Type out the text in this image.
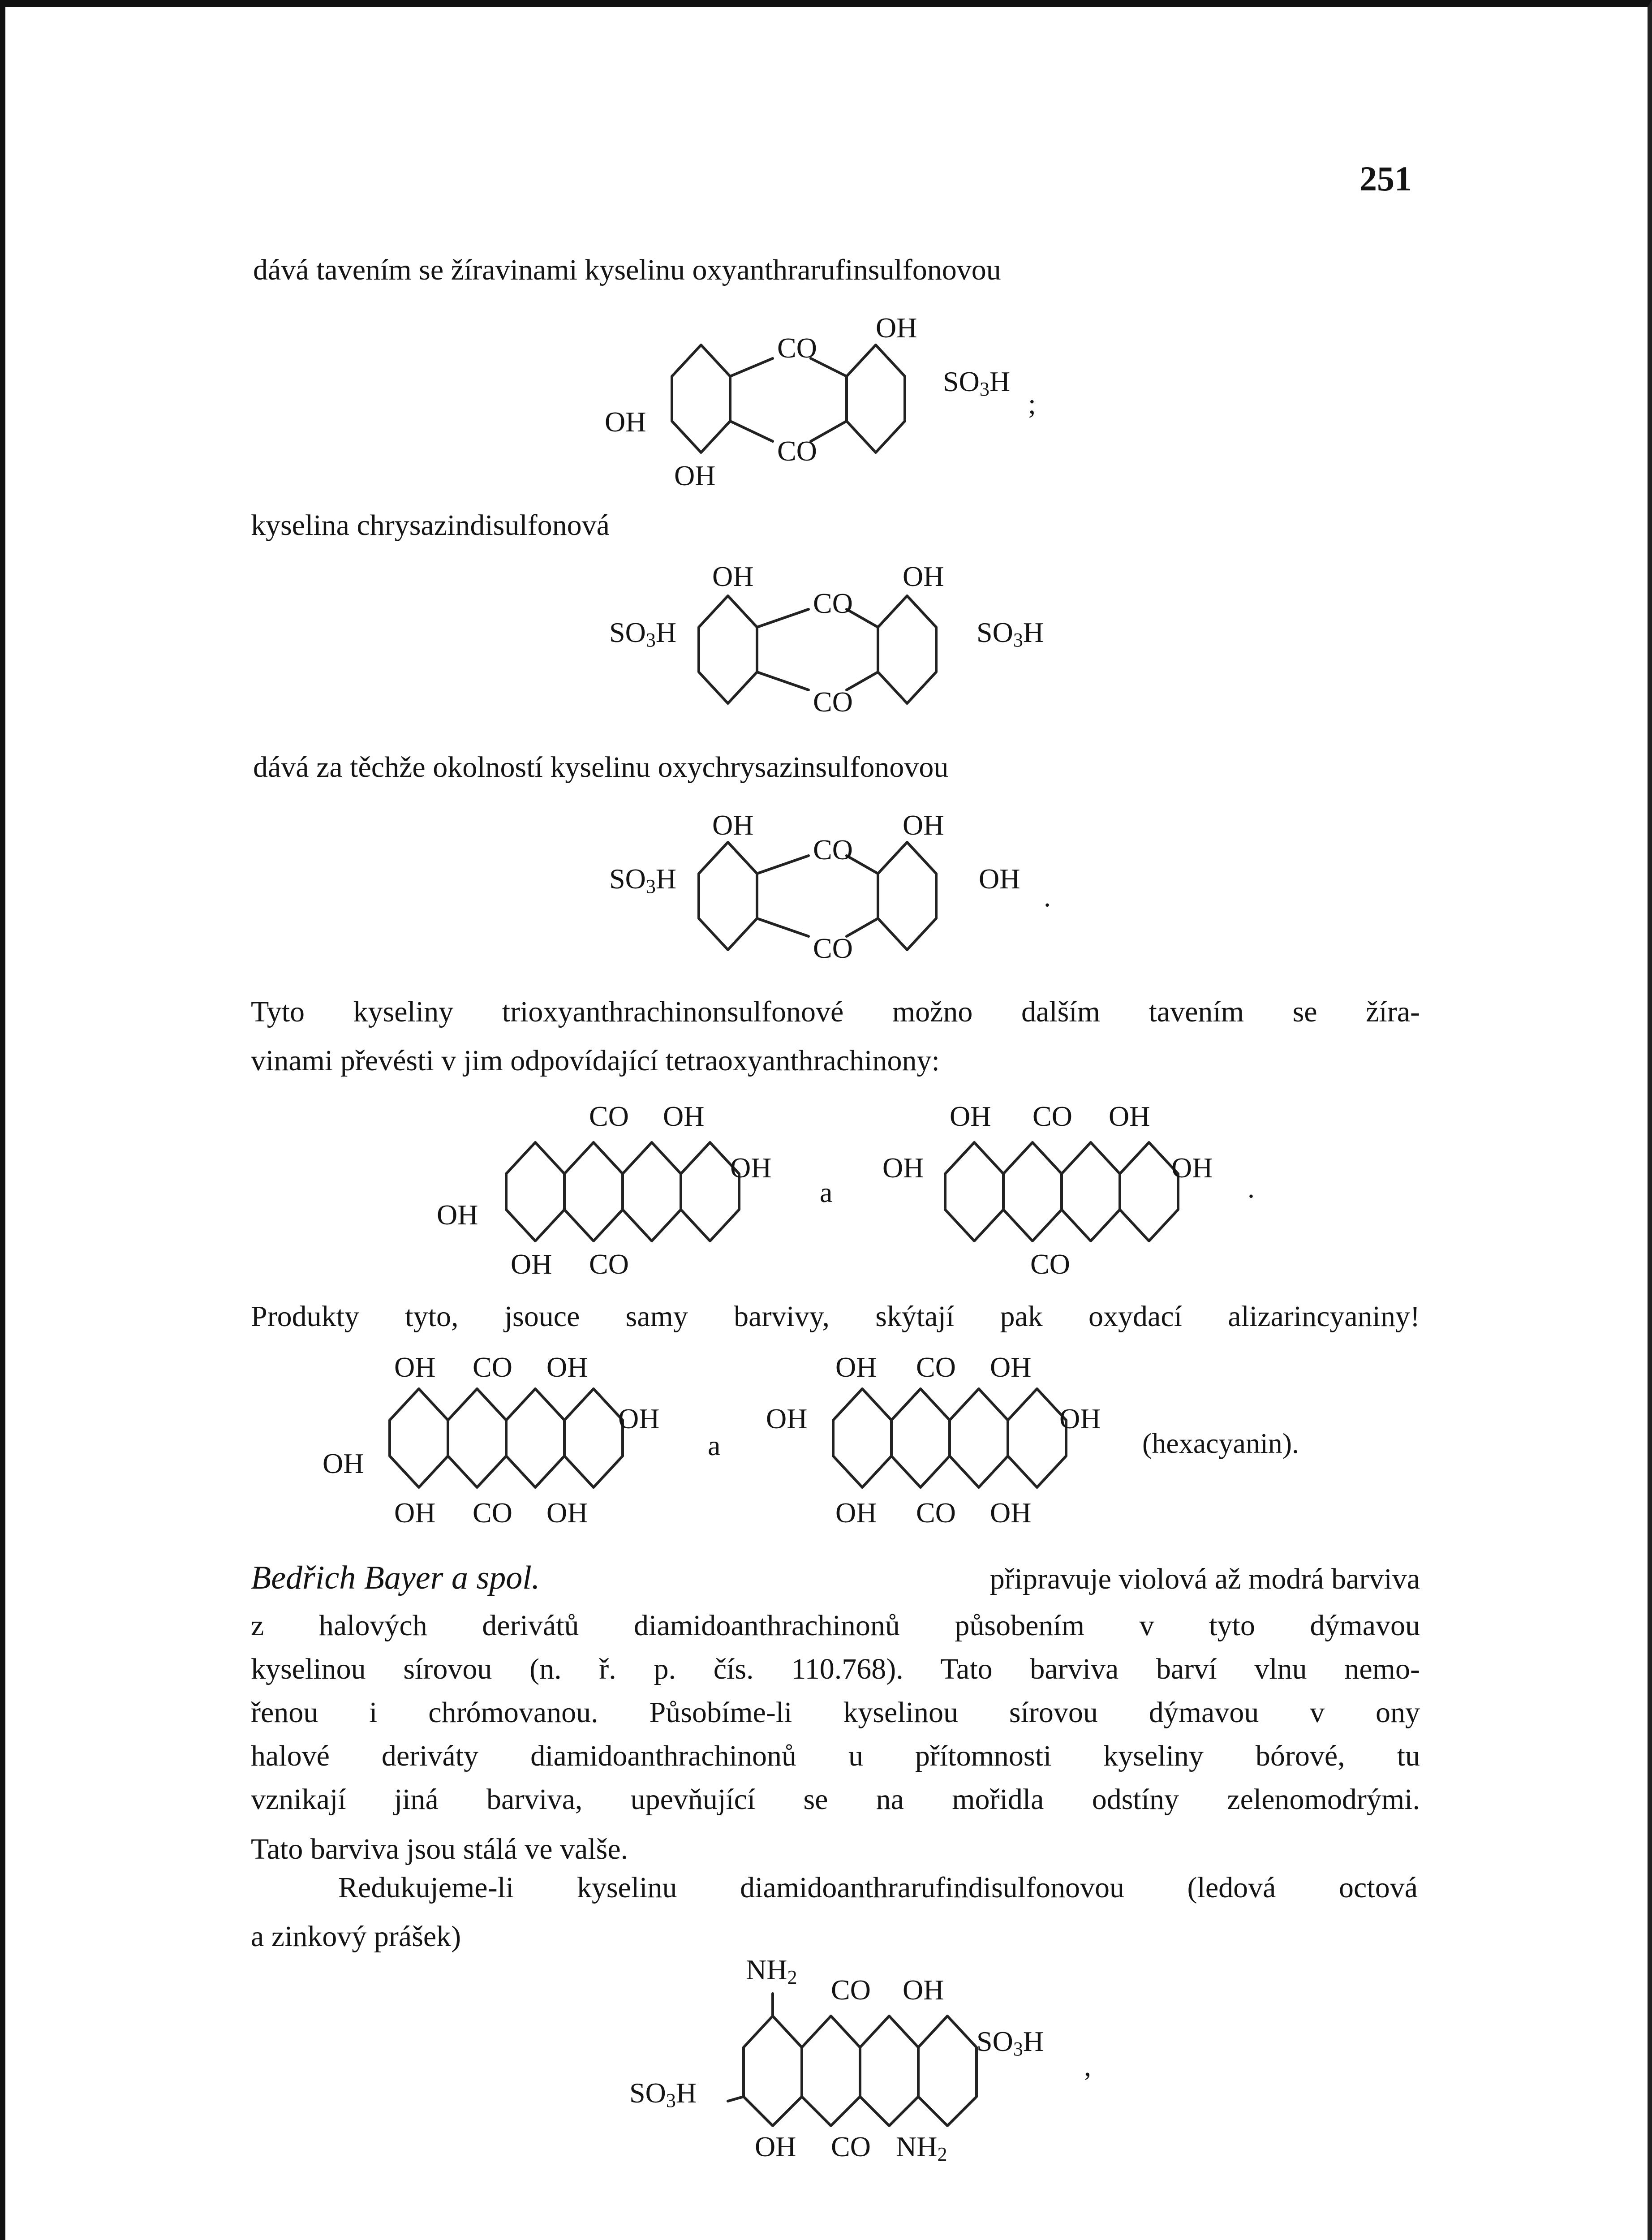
251
dává tavením se žíravinami kyselinu oxyanthrarufinsulfonovou
kyselina chrysazindisulfonová
dává za těchže okolností kyselinu oxychrysazinsulfonovou
Tyto kyseliny trioxyanthrachinonsulfonové možno dalším tavením se žíra-
vinami převésti v jim odpovídající tetraoxyanthrachinony:
Produkty tyto, jsouce samy barvivy, skýtají pak oxydací alizarincyaniny!
Bedřich Bayer a spol.	připravuje violová až modrá barviva
z halových derivátů diamidoanthrachinonů působením v tyto dýmavou
kyselinou sírovou (n. ř. p. čís. 110.768). Tato barviva barví vlnu nemo-
řenou i chrómovanou. Působíme-li kyselinou sírovou dýmavou v ony
halové deriváty diamidoanthrachinonů u přítomnosti kyseliny bórové, tu
vznikají jiná barviva, upevňující se na mořidla odstíny zelenomodrými.
Tato barviva jsou stálá ve valše.
Redukujeme-li kyselinu diamidoanthrarufindisulfonovou (ledová octová
a zinkový prášek)
CO
CO
OH
OH
OH
$SO_3H$
;
OH	OH
CO
CO
$SO_3H$	$SO_3H$
OH	OH
CO
CO
$SO_3H$	OH
.
CO OH
OH
OH
OH CO
a
OH CO OH
OH	OH
CO
.
OH CO OH
OH
OH
OH CO OH
a
OH CO OH
OH	OH
OH CO OH
(hexacyanin).
$NH_2$ CO OH
$SO_3H$
,
$SO_3H$
OH CO $NH_2$
